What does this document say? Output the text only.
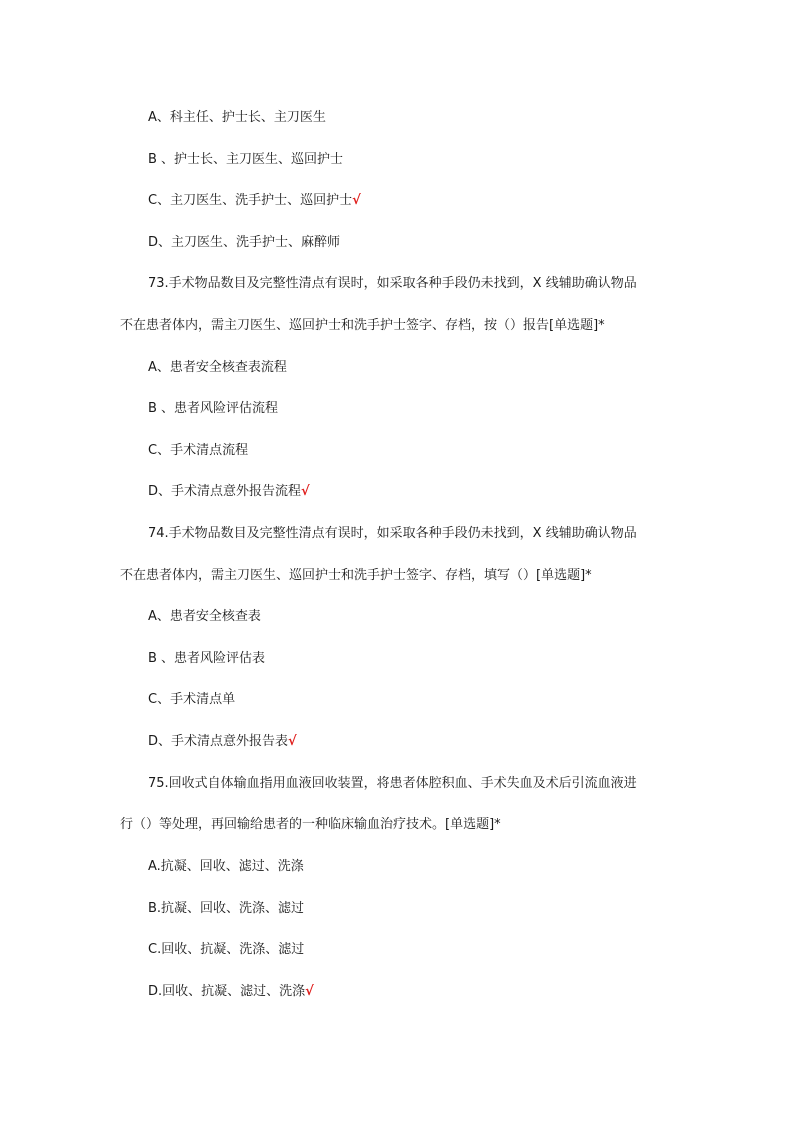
A、科主任、护士长、主刀医生
B 、护士长、主刀医生、巡回护士
C、主刀医生、洗手护士、巡回护士√
D、主刀医生、洗手护士、麻醉师
73.手术物品数目及完整性清点有误时，如采取各种手段仍未找到，X 线辅助确认物品
不在患者体内，需主刀医生、巡回护士和洗手护士签字、存档，按（）报告[单选题]*
A、患者安全核查表流程
B 、患者风险评估流程
C、手术清点流程
D、手术清点意外报告流程√
74.手术物品数目及完整性清点有误时，如采取各种手段仍未找到，X 线辅助确认物品
不在患者体内，需主刀医生、巡回护士和洗手护士签字、存档，填写（）[单选题]*
A、患者安全核查表
B 、患者风险评估表
C、手术清点单
D、手术清点意外报告表√
75.回收式自体输血指用血液回收装置，将患者体腔积血、手术失血及术后引流血液进
行（）等处理，再回输给患者的一种临床输血治疗技术。[单选题]*
A.抗凝、回收、滤过、洗涤
B.抗凝、回收、洗涤、滤过
C.回收、抗凝、洗涤、滤过
D.回收、抗凝、滤过、洗涤√
